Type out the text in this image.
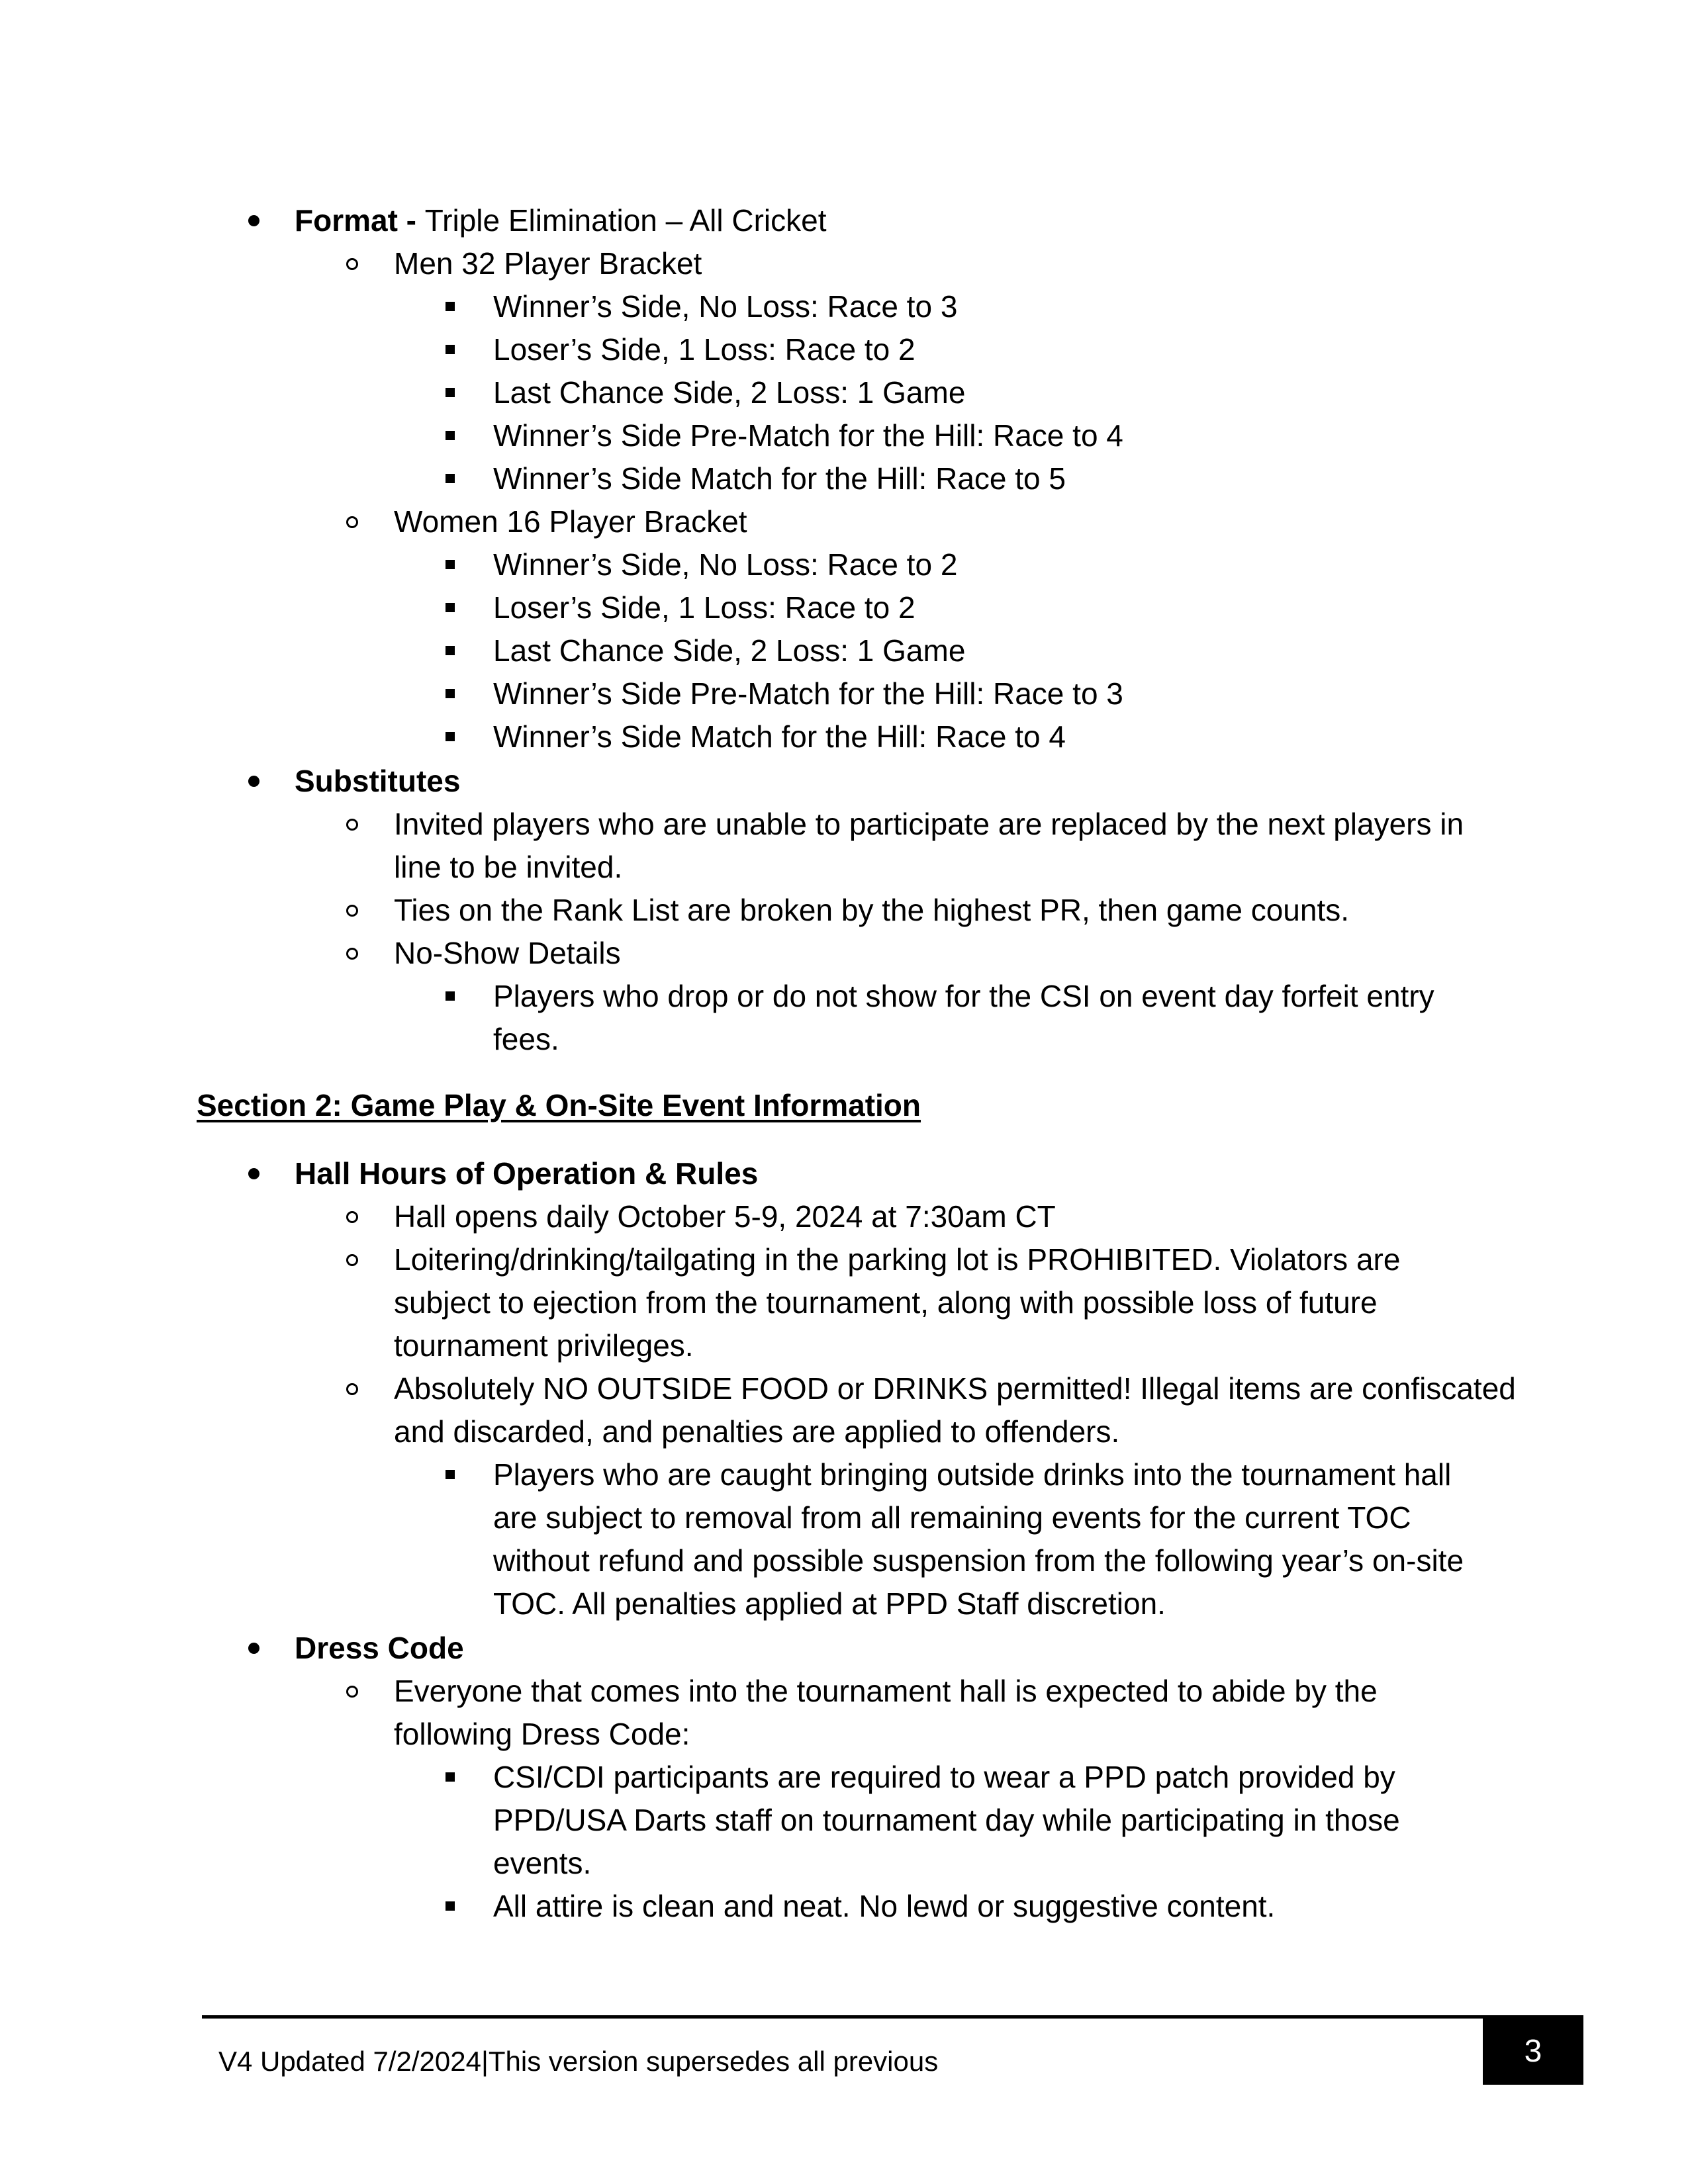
Format - Triple Elimination – All Cricket
Men 32 Player Bracket
Winner’s Side, No Loss: Race to 3
Loser’s Side, 1 Loss: Race to 2
Last Chance Side, 2 Loss: 1 Game
Winner’s Side Pre-Match for the Hill: Race to 4
Winner’s Side Match for the Hill: Race to 5
Women 16 Player Bracket
Winner’s Side, No Loss: Race to 2
Loser’s Side, 1 Loss: Race to 2
Last Chance Side, 2 Loss: 1 Game
Winner’s Side Pre-Match for the Hill: Race to 3
Winner’s Side Match for the Hill: Race to 4
Substitutes
Invited players who are unable to participate are replaced by the next players in
line to be invited.
Ties on the Rank List are broken by the highest PR, then game counts.
No-Show Details
Players who drop or do not show for the CSI on event day forfeit entry
fees.
Section 2: Game Play & On-Site Event Information
Hall Hours of Operation & Rules
Hall opens daily October 5-9, 2024 at 7:30am CT
Loitering/drinking/tailgating in the parking lot is PROHIBITED. Violators are
subject to ejection from the tournament, along with possible loss of future
tournament privileges.
Absolutely NO OUTSIDE FOOD or DRINKS permitted! Illegal items are confiscated
and discarded, and penalties are applied to offenders.
Players who are caught bringing outside drinks into the tournament hall
are subject to removal from all remaining events for the current TOC
without refund and possible suspension from the following year’s on-site
TOC. All penalties applied at PPD Staff discretion.
Dress Code
Everyone that comes into the tournament hall is expected to abide by the
following Dress Code:
CSI/CDI participants are required to wear a PPD patch provided by
PPD/USA Darts staff on tournament day while participating in those
events.
All attire is clean and neat. No lewd or suggestive content.
V4 Updated 7/2/2024|This version supersedes all previous	3
